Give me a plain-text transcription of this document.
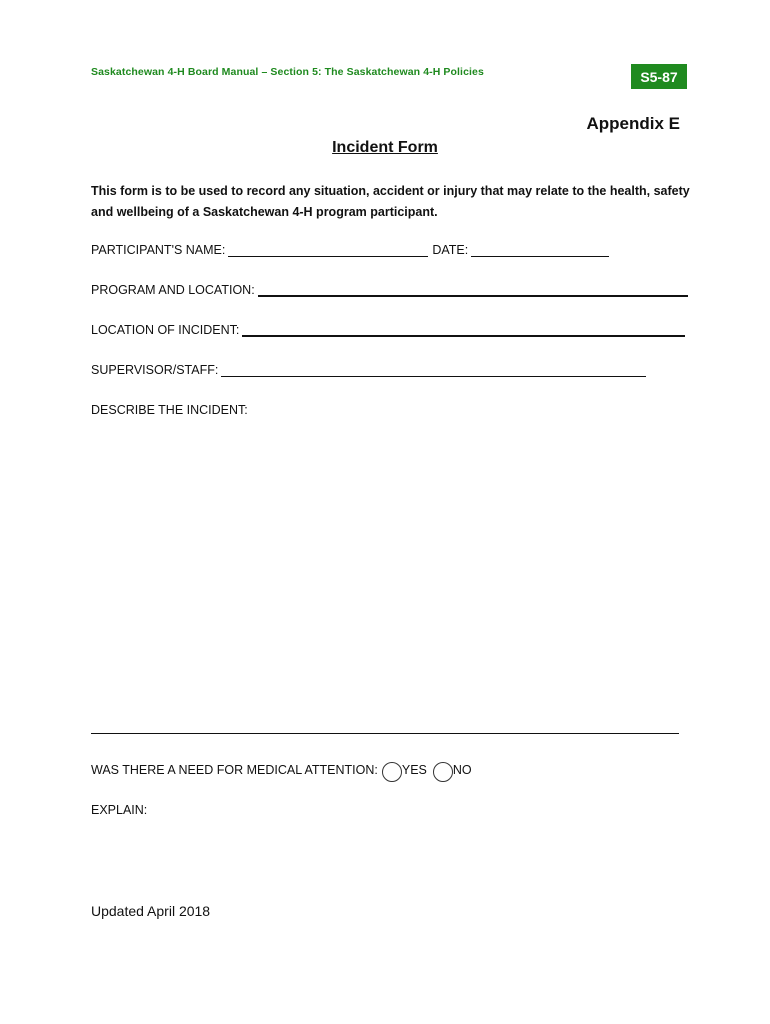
Saskatchewan 4-H Board Manual – Section 5: The Saskatchewan 4-H Policies	S5-87
Appendix E
Incident Form
This form is to be used to record any situation, accident or injury that may relate to the health, safety and wellbeing of a Saskatchewan 4-H program participant.
PARTICIPANT'S NAME:	DATE:
PROGRAM AND LOCATION:
LOCATION OF INCIDENT:
SUPERVISOR/STAFF:
DESCRIBE THE INCIDENT:
WAS THERE A NEED FOR MEDICAL ATTENTION: YES NO
EXPLAIN:
Updated April 2018
